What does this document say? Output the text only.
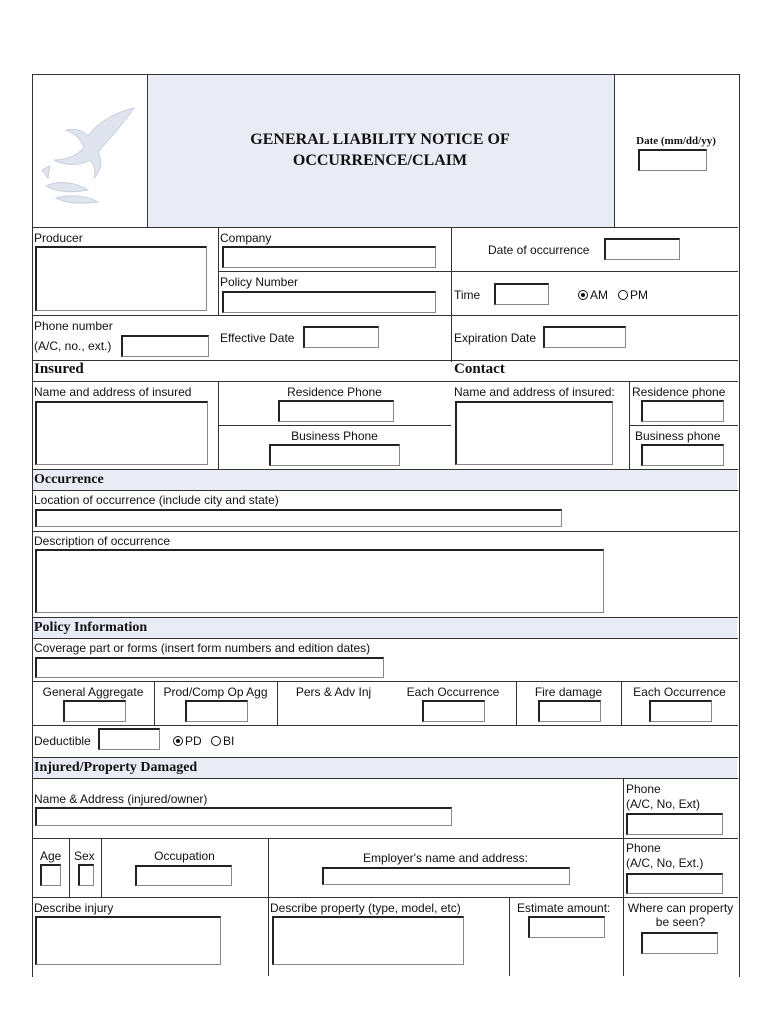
GENERAL LIABILITY NOTICE OF
OCCURRENCE/CLAIM
Date (mm/dd/yy)
Producer	Company
Policy Number
Date of occurrence
Time	AM	PM
Phone number
(A/C, no., ext.)
Effective Date	Expiration Date
Insured	Contact
Name and address of insured	Residence Phone
Business Phone
Name and address of insured: Residence phone
Business phone
Occurrence
Location of occurrence (include city and state)
Description of occurrence
Policy Information
Coverage part or forms (insert form numbers and edition dates)
General Aggregate	Prod/Comp Op Agg	Pers & Adv Inj	Each Occurrence	Fire damage	Each Occurrence
Deductible	PD	BI
Injured/Property Damaged
Name & Address (injured/owner)
Phone
(A/C, No, Ext)
Age Sex	Occupation	Employer's name and address:
Phone
(A/C, No, Ext.)
Describe injury	Describe property (type, model, etc)	Estimate amount:	Where can property
be seen?
